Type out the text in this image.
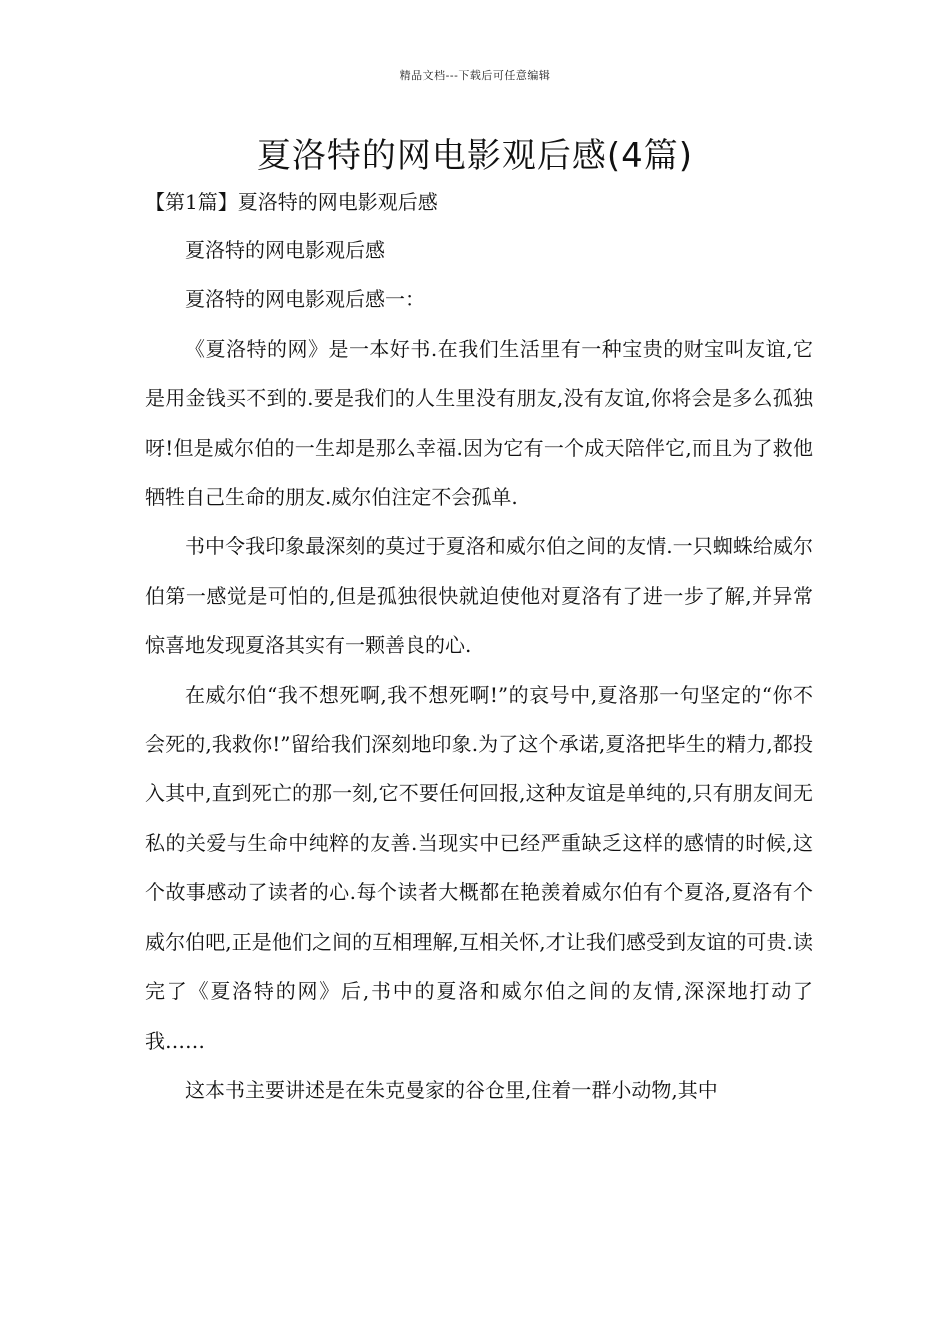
精品文档---下载后可任意编辑
夏洛特的网电影观后感(4篇)

【第1篇】夏洛特的网电影观后感

夏洛特的网电影观后感

夏洛特的网电影观后感一：

《夏洛特的网》是一本好书.在我们生活里有一种宝贵的财宝叫友谊,它是用金钱买不到的.要是我们的人生里没有朋友,没有友谊,你将会是多么孤独呀!但是威尔伯的一生却是那么幸福.因为它有一个成天陪伴它,而且为了救他牺牲自己生命的朋友.威尔伯注定不会孤单.

书中令我印象最深刻的莫过于夏洛和威尔伯之间的友情.一只蜘蛛给威尔伯第一感觉是可怕的,但是孤独很快就迫使他对夏洛有了进一步了解,并异常惊喜地发现夏洛其实有一颗善良的心.

在威尔伯“我不想死啊,我不想死啊!”的哀号中,夏洛那一句坚定的“你不会死的,我救你!”留给我们深刻地印象.为了这个承诺,夏洛把毕生的精力,都投入其中,直到死亡的那一刻,它不要任何回报,这种友谊是单纯的,只有朋友间无私的关爱与生命中纯粹的友善.当现实中已经严重缺乏这样的感情的时候,这个故事感动了读者的心.每个读者大概都在艳羡着威尔伯有个夏洛,夏洛有个威尔伯吧,正是他们之间的互相理解,互相关怀,才让我们感受到友谊的可贵.读完了《夏洛特的网》后,书中的夏洛和威尔伯之间的友情,深深地打动了我……

这本书主要讲述是在朱克曼家的谷仓里,住着一群小动物,其中
